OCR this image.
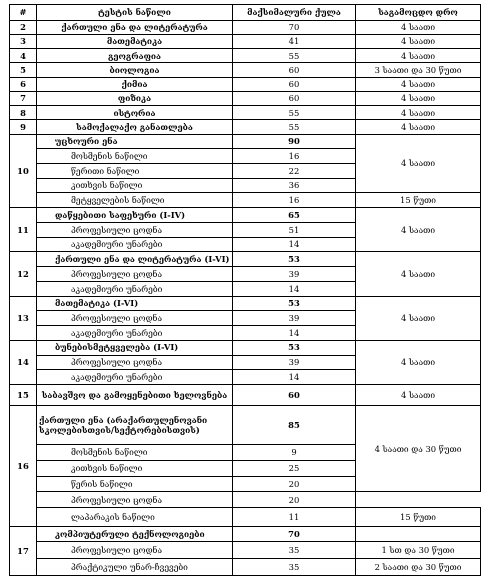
#	ტესტის ნაწილი	მაქსიმალური ქულა	საგამოცდო დრო
2	ქართული ენა და ლიტერატურა	70	4 საათი
3	მათემატიკა	41	4 საათი
4	გეოგრაფია	55	4 საათი
5	ბიოლოგია	60	3 საათი და 30 წუთი
6	ქიმია	60	4 საათი
7	ფიზიკა	60	4 საათი
8	ისტორია	55	4 საათი
9	სამოქალაქო განათლება	55	4 საათი
10	უცხოური ენა	90	4 საათი
	მოსმენის ნაწილი	16	
	წერითი ნაწილი	22	
	კითხვის ნაწილი	36	
	მეტყველების ნაწილი	16	15 წუთი
11	დაწყებითი საფეხური (I-IV)	65	4 საათი
	პროფესიული ცოდნა	51	
	აკადემიური უნარები	14	
12	ქართული ენა და ლიტერატურა (I-VI)	53	4 საათი
	პროფესიული ცოდნა	39	
	აკადემიური უნარები	14	
13	მათემატიკა (I-VI)	53	4 საათი
	პროფესიული ცოდნა	39	
	აკადემიური უნარები	14	
14	ბუნებისმეტყველება (I-VI)	53	4 საათი
	პროფესიული ცოდნა	39	
	აკადემიური უნარები	14	
15	საბავშვო და გამოყენებითი ხელოვნება	60	4 საათი
16	ქართული ენა (არაქართულენოვანი
სკოლებისთვის/სექტორებისთვის)	85	4 საათი და 30 წუთი
	მოსმენის ნაწილი	9	
	კითხვის ნაწილი	25	
	წერის ნაწილი	20	
	პროფესიული ცოდნა	20	
	ლაპარაკის ნაწილი	11	15 წუთი
17	კომპიუტერული ტექნოლოგიები	70	
	პროფესიული ცოდნა	35	1 სთ და 30 წუთი
	პრაქტიკული უნარ-ჩვევები	35	2 საათი და 30 წუთი
